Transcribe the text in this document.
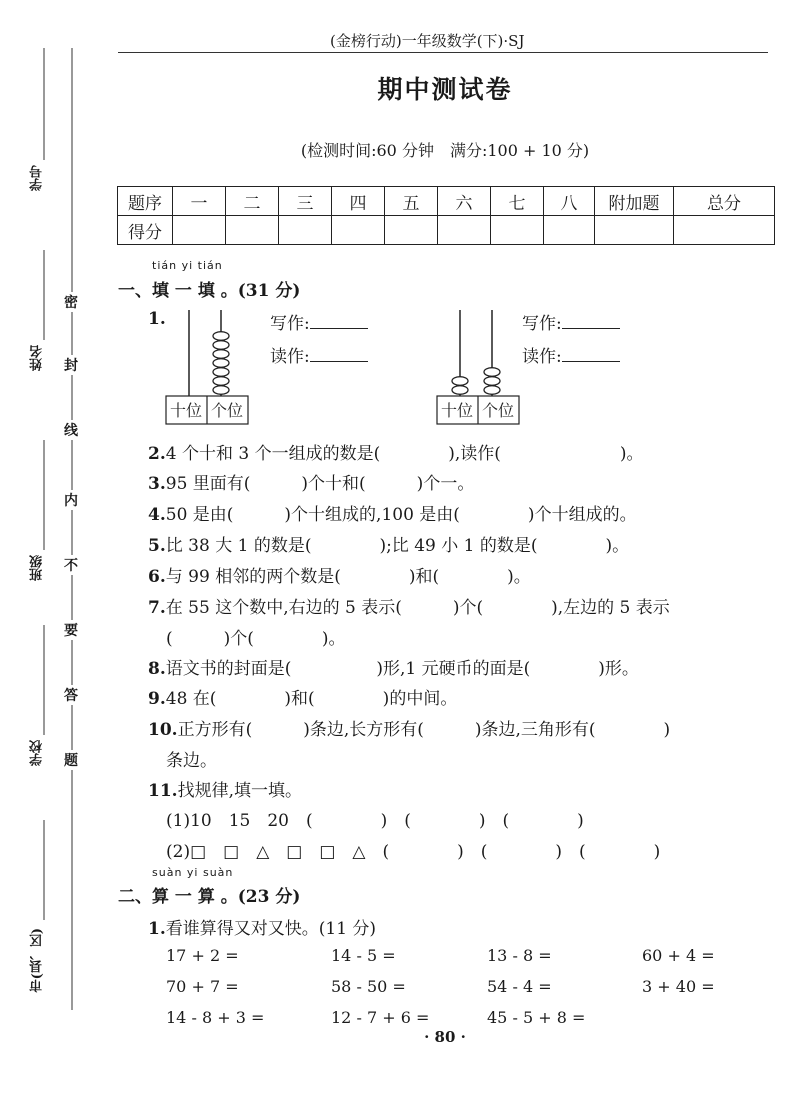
学号
姓名
班级
学校
市(县、区)
密
封
线
内
不
要
答
题
(金榜行动)一年级数学(下)·SJ
期中测试卷
(检测时间:60 分钟　满分:100 + 10 分)
题序	一	二	三	四	五	六	七	八	附加题	总分
得分										
tián yi tián
一、填 一 填 。(31 分)
1.
十位 个位	十位 个位
写作:
读作:
写作:
读作:
2.4 个十和 3 个一组成的数是(　　　　),读作(　　　　　　　)。
3.95 里面有(　　　)个十和(　　　)个一。
4.50 是由(　　　)个十组成的,100 是由(　　　　)个十组成的。
5.比 38 大 1 的数是(　　　　);比 49 小 1 的数是(　　　　)。
6.与 99 相邻的两个数是(　　　　)和(　　　　)。
7.在 55 这个数中,右边的 5 表示(　　　)个(　　　　),左边的 5 表示
(　　　)个(　　　　)。
8.语文书的封面是(　　　　　)形,1 元硬币的面是(　　　　)形。
9.48 在(　　　　)和(　　　　)的中间。
10.正方形有(　　　)条边,长方形有(　　　)条边,三角形有(　　　　)
条边。
11.找规律,填一填。
(1)10　15　20　(　　　　)　(　　　　)　(　　　　)
(2)□　□　△　□　□　△　(　　　　)　(　　　　)　(　　　　)
suàn yi suàn
二、算 一 算 。(23 分)
1.看谁算得又对又快。(11 分)
17 + 2 =	14 - 5 =	13 - 8 =	60 + 4 =
70 + 7 =	58 - 50 =	54 - 4 =	3 + 40 =
14 - 8 + 3 =	12 - 7 + 6 =	45 - 5 + 8 =
· 80 ·
